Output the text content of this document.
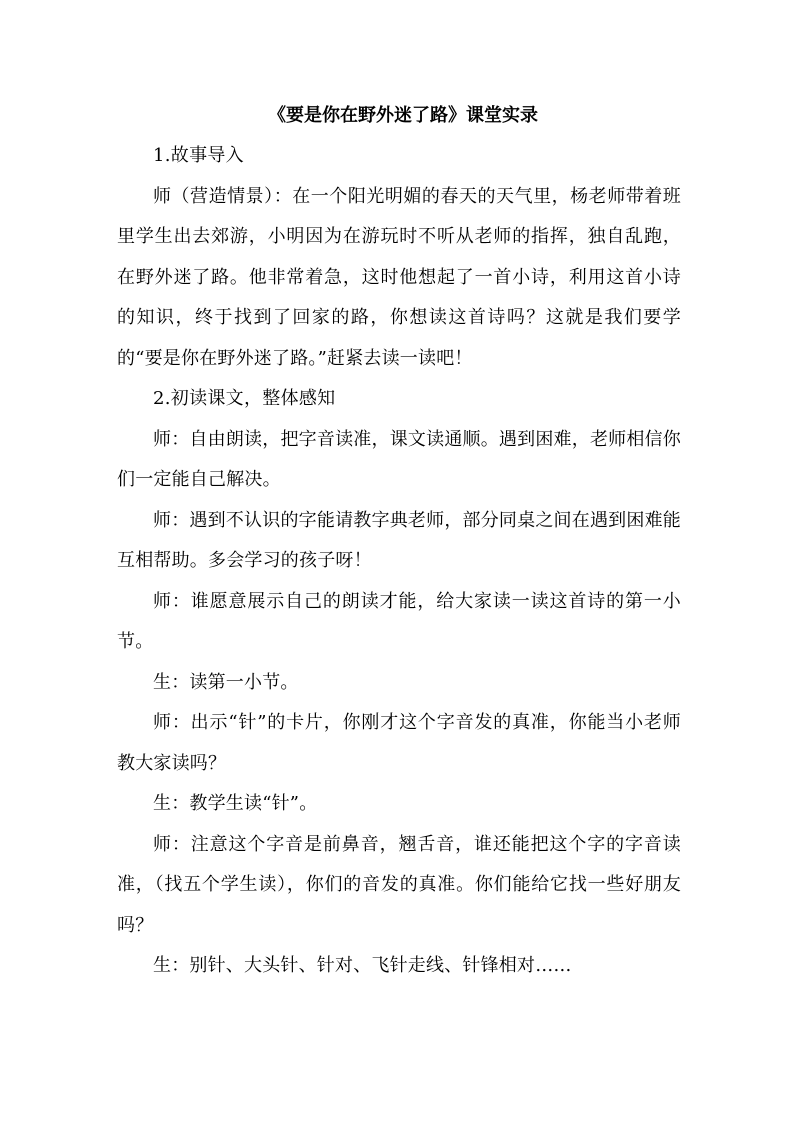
《要是你在野外迷了路》课堂实录

1.故事导入

师（营造情景）：在一个阳光明媚的春天的天气里，杨老师带着班里学生出去郊游，小明因为在游玩时不听从老师的指挥，独自乱跑，在野外迷了路。他非常着急，这时他想起了一首小诗，利用这首小诗的知识，终于找到了回家的路，你想读这首诗吗？这就是我们要学的“要是你在野外迷了路。”赶紧去读一读吧！

2.初读课文，整体感知

师：自由朗读，把字音读准，课文读通顺。遇到困难，老师相信你们一定能自己解决。

师：遇到不认识的字能请教字典老师，部分同桌之间在遇到困难能互相帮助。多会学习的孩子呀！

师：谁愿意展示自己的朗读才能，给大家读一读这首诗的第一小节。

生：读第一小节。

师：出示“针”的卡片，你刚才这个字音发的真准，你能当小老师教大家读吗？

生：教学生读“针”。

师：注意这个字音是前鼻音，翘舌音，谁还能把这个字的字音读准，（找五个学生读），你们的音发的真准。你们能给它找一些好朋友吗？

生：别针、大头针、针对、飞针走线、针锋相对……
